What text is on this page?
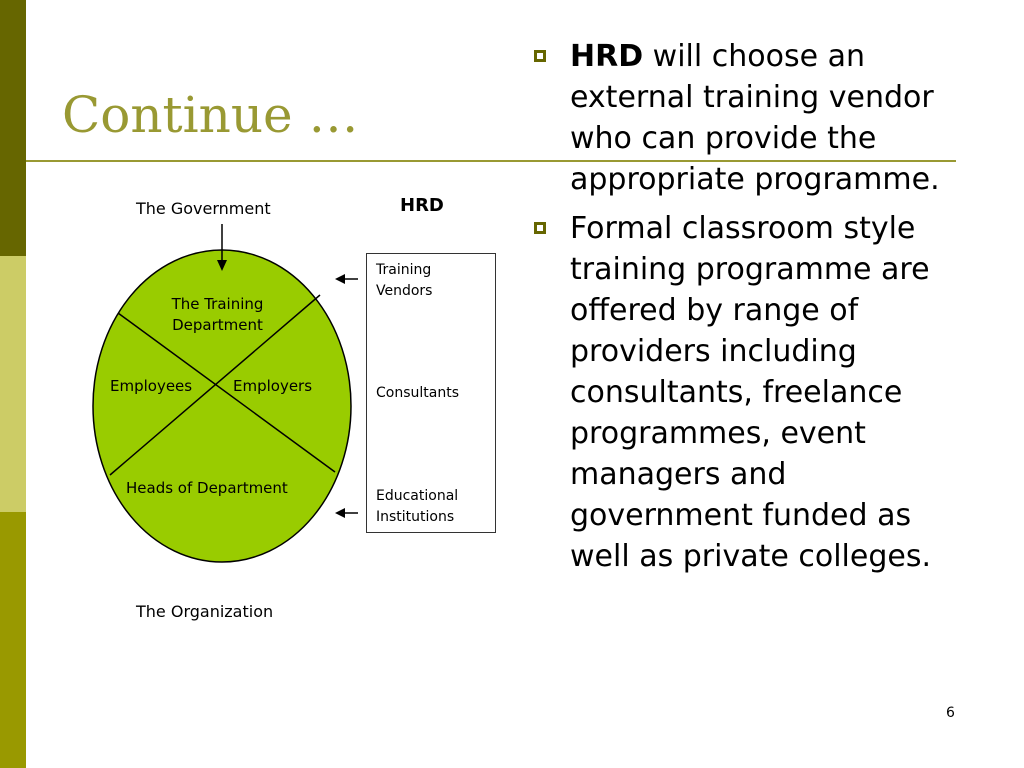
Continue …
The Government	HRD
The Training
Department
Employees	Employers
Heads of Department
The Organization
Training
Vendors
Consultants
Educational
Institutions
HRD will choose an external training vendor who can provide the appropriate programme.
Formal classroom style training programme are offered by range of providers including consultants, freelance programmes, event managers and government funded as well as private colleges.
6
